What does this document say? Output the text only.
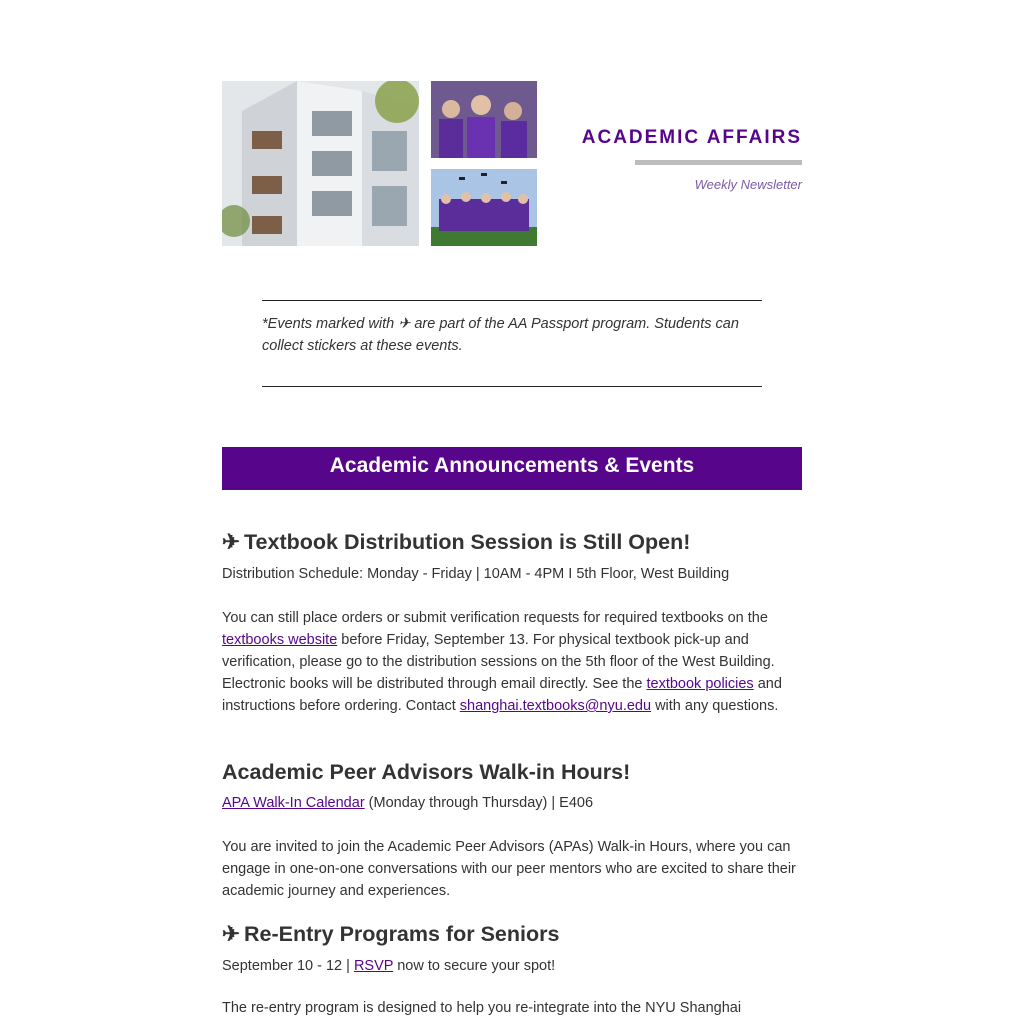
ACADEMIC AFFAIRS
Weekly Newsletter
*Events marked with ✈ are part of the AA Passport program. Students can collect stickers at these events.
Academic Announcements & Events
✈ Textbook Distribution Session is Still Open!
Distribution Schedule: Monday - Friday | 10AM - 4PM I 5th Floor, West Building
You can still place orders or submit verification requests for required textbooks on the textbooks website before Friday, September 13. For physical textbook pick-up and verification, please go to the distribution sessions on the 5th floor of the West Building. Electronic books will be distributed through email directly. See the textbook policies and instructions before ordering. Contact shanghai.textbooks@nyu.edu with any questions.
Academic Peer Advisors Walk-in Hours!
APA Walk-In Calendar (Monday through Thursday) | E406
You are invited to join the Academic Peer Advisors (APAs) Walk-in Hours, where you can engage in one-on-one conversations with our peer mentors who are excited to share their academic journey and experiences.
✈ Re-Entry Programs for Seniors
September 10 - 12 | RSVP now to secure your spot!
The re-entry program is designed to help you re-integrate into the NYU Shanghai
